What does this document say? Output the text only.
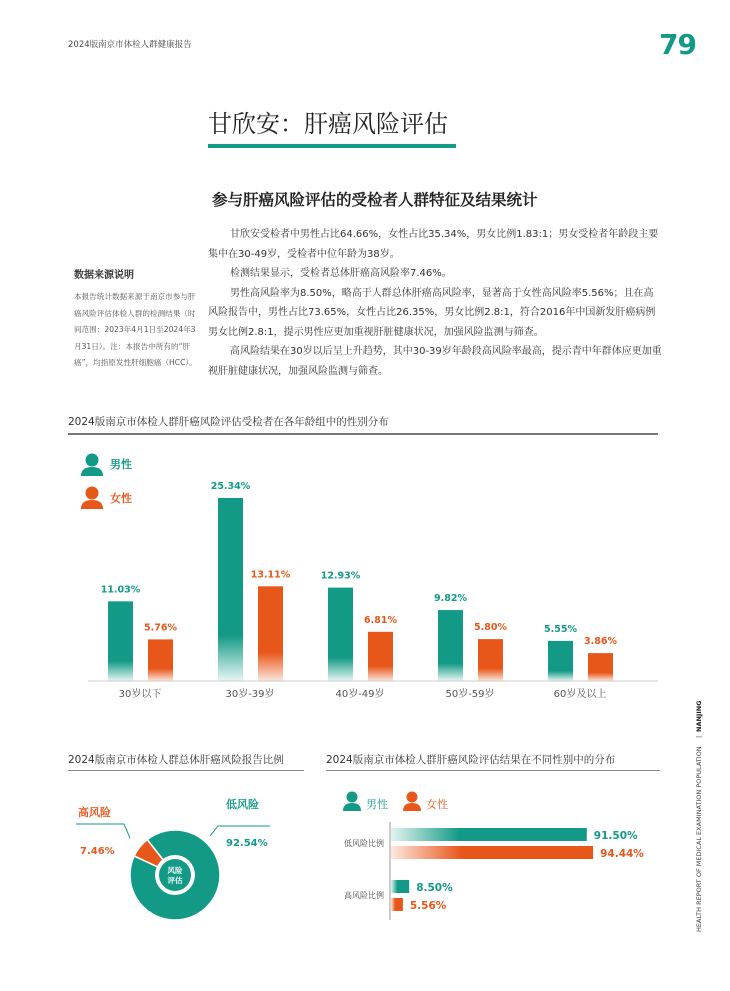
2024版南京市体检人群健康报告	79
甘欣安：肝癌风险评估
参与肝癌风险评估的受检者人群特征及结果统计
数据来源说明
本报告统计数据来源于南京市参与肝癌风险评估体检人群的检测结果（时间范围：2023年4月1日至2024年3月31日）。注：本报告中所有的“肝癌”，均指原发性肝细胞癌（HCC）。

甘欣安受检者中男性占比64.66%，女性占比35.34%，男女比例1.83:1；男女受检者年龄段主要集中在30-49岁，受检者中位年龄为38岁。

检测结果显示，受检者总体肝癌高风险率7.46%。

男性高风险率为8.50%，略高于人群总体肝癌高风险率，显著高于女性高风险率5.56%；且在高风险报告中，男性占比73.65%，女性占比26.35%，男女比例2.8:1，符合2016年中国新发肝癌病例男女比例2.8:1，提示男性应更加重视肝脏健康状况，加强风险监测与筛查。

高风险结果在30岁以后呈上升趋势，其中30-39岁年龄段高风险率最高，提示青中年群体应更加重视肝脏健康状况，加强风险监测与筛查。

2024版南京市体检人群肝癌风险评估受检者在各年龄组中的性别分布
男性
女性
11.03%
5.76%
30岁以下
25.34%
13.11%
30岁-39岁
12.93%
6.81%
40岁-49岁
9.82%
5.80%
50岁-59岁
5.55%
3.86%
60岁及以上
2024版南京市体检人群总体肝癌风险报告比例
风险
评估
高风险
7.46%
低风险
92.54%
2024版南京市体检人群肝癌风险评估结果在不同性别中的分布
男性	女性
低风险比例
91.50%
94.44%
高风险比例
8.50%
5.56%	HEALTH REPORT OF MEDICAL EXAMINATION POPULATION
|
NANJING
